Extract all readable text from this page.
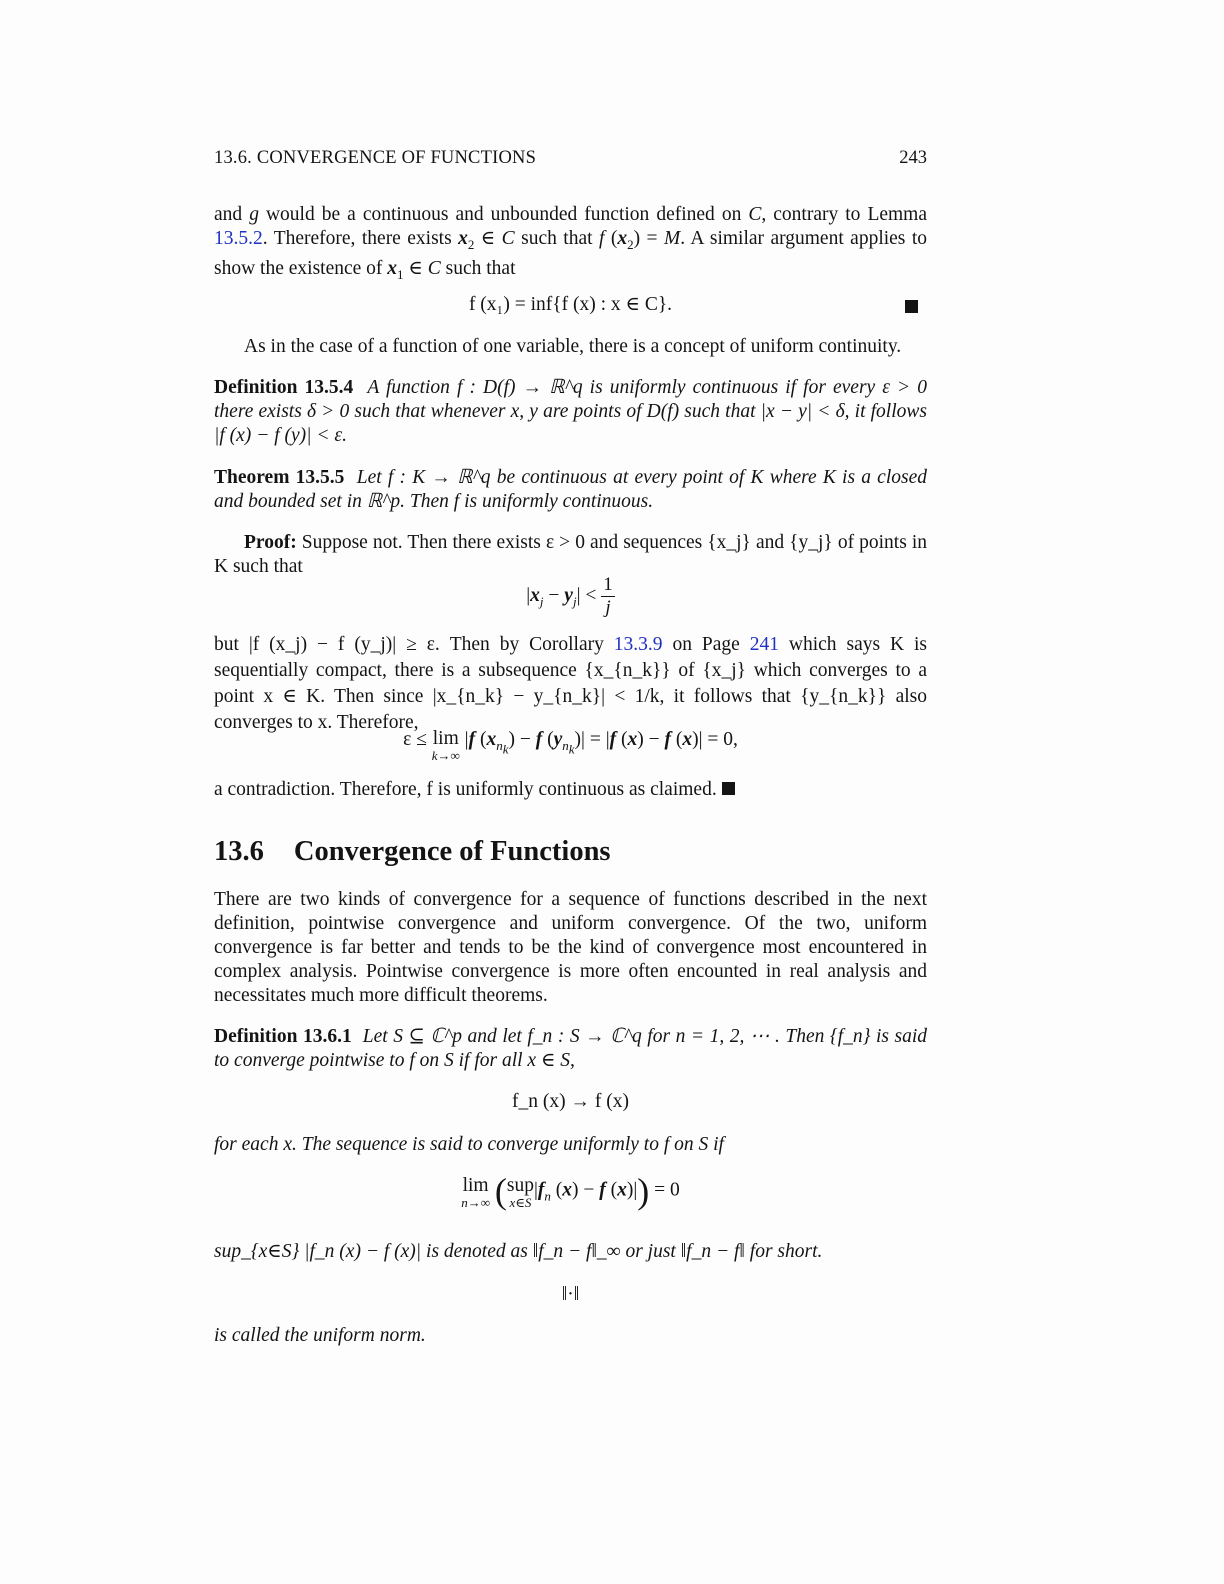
13.6. CONVERGENCE OF FUNCTIONS	243
and g would be a continuous and unbounded function defined on C, contrary to Lemma 13.5.2. Therefore, there exists $x_2$ ∈ C such that f $(x_2) = M$. A similar argument applies to show the existence of $x_1$ ∈ C such that
f (x₁) = inf{f (x) : x ∈ C}.
As in the case of a function of one variable, there is a concept of uniform continuity.
Definition 13.5.4 A function f : D(f) → ℝ^q is uniformly continuous if for every ε > 0 there exists δ > 0 such that whenever x, y are points of D(f) such that |x − y| < δ, it follows |f (x) − f (y)| < ε.
Theorem 13.5.5 Let f : K → ℝ^q be continuous at every point of K where K is a closed and bounded set in ℝ^p. Then f is uniformly continuous.
Proof: Suppose not. Then there exists ε > 0 and sequences {x_j} and {y_j} of points in K such that
$|x_j - y_j| < \frac{1}{j}$
but |f (x_j) − f (y_j)| ≥ ε. Then by Corollary 13.3.9 on Page 241 which says K is sequentially compact, there is a subsequence {x_{n_k}} of {x_j} which converges to a point x ∈ K. Then since |x_{n_k} − y_{n_k}| < 1/k, it follows that {y_{n_k}} also converges to x. Therefore,
ε ≤ lim
k→∞
|f $(x_{n_k}) - f$ $(y_{n_k})| = |f$ (x) − f (x)| = 0,
a contradiction. Therefore, f is uniformly continuous as claimed.
13.6 Convergence of Functions
There are two kinds of convergence for a sequence of functions described in the next definition, pointwise convergence and uniform convergence. Of the two, uniform convergence is far better and tends to be the kind of convergence most encountered in complex analysis. Pointwise convergence is more often encounted in real analysis and necessitates much more difficult theorems.
Definition 13.6.1 Let S ⊆ ℂ^p and let f_n : S → ℂ^q for n = 1, 2, ⋯ . Then {f_n} is said to converge pointwise to f on S if for all x ∈ S,
f_n (x) → f (x)
for each x. The sequence is said to converge uniformly to f on S if
lim
n→∞ ( sup
x∈S
$|f_n$ (x) − f (x)|) = 0
sup_{x∈S} |f_n (x) − f (x)| is denoted as ‖f_n − f‖_∞ or just ‖f_n − f‖ for short.
‖·‖
is called the uniform norm.
